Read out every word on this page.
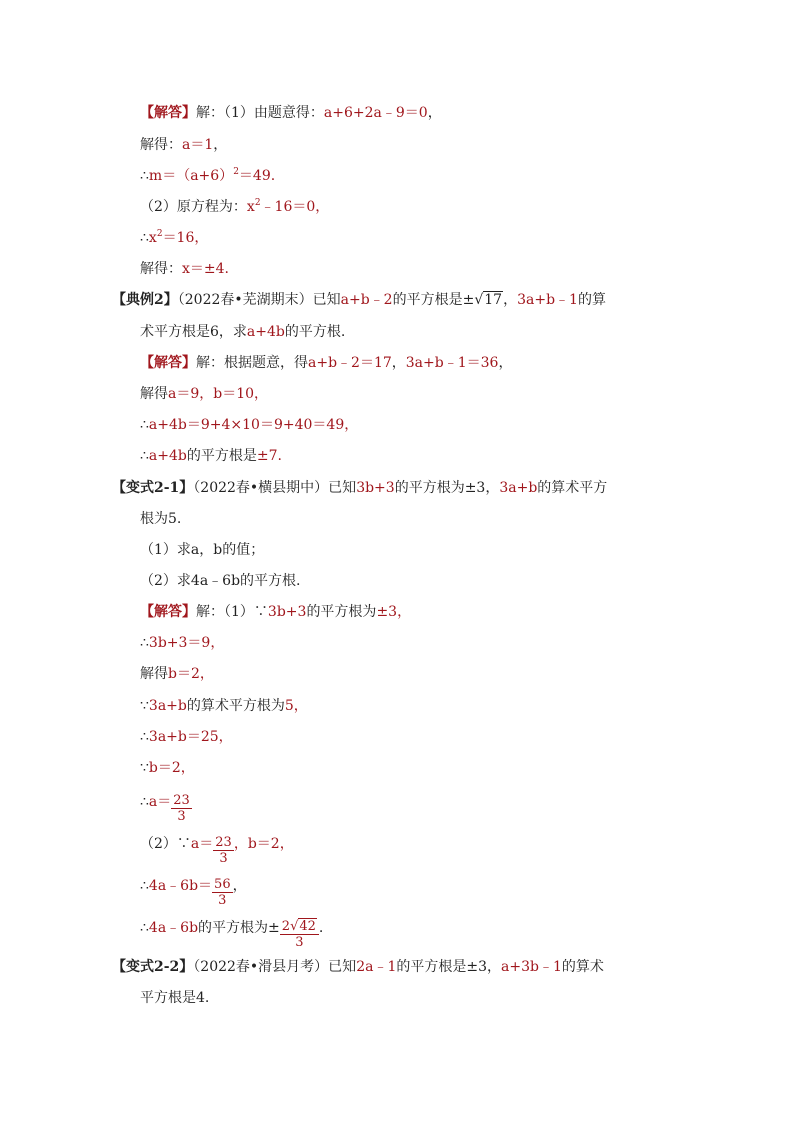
【解答】解：（1）由题意得：a+6+2a﹣9＝0，
解得：a＝1，
$\therefore m=(a+6)^2=49$.
（2）原方程为：$x^2﹣16=0$，
$\therefore x^2=16$，
解得：x＝±4.
【典例2】（2022春•芜湖期末）已知a+b﹣2的平方根是±√17，3a+b﹣1的算
术平方根是6，求a+4b的平方根.
【解答】解：根据题意，得a+b﹣2＝17，3a+b﹣1＝36，
解得a＝9，b＝10，
∴a+4b＝9+4×10＝9+40＝49，
∴a+4b的平方根是±7.
【变式2-1】（2022春•横县期中）已知3b+3的平方根为±3，3a+b的算术平方
根为5.
（1）求a，b的值；
（2）求4a﹣6b的平方根.
【解答】解：（1）∵3b+3的平方根为±3，
∴3b+3＝9，
解得b＝2，
∵3a+b的算术平方根为5，
∴3a+b＝25，
∵b＝2，
∴a＝ $\frac{23}{3}$
（2）∵a＝ $\frac{23}{3}$ ，b＝2，
∴4a﹣6b＝ $\frac{56}{3}$ ，
∴4a﹣6b的平方根为± $\frac{2√42}{3}$ .
【变式2-2】（2022春•滑县月考）已知2a﹣1的平方根是±3，a+3b﹣1的算术
平方根是4.
